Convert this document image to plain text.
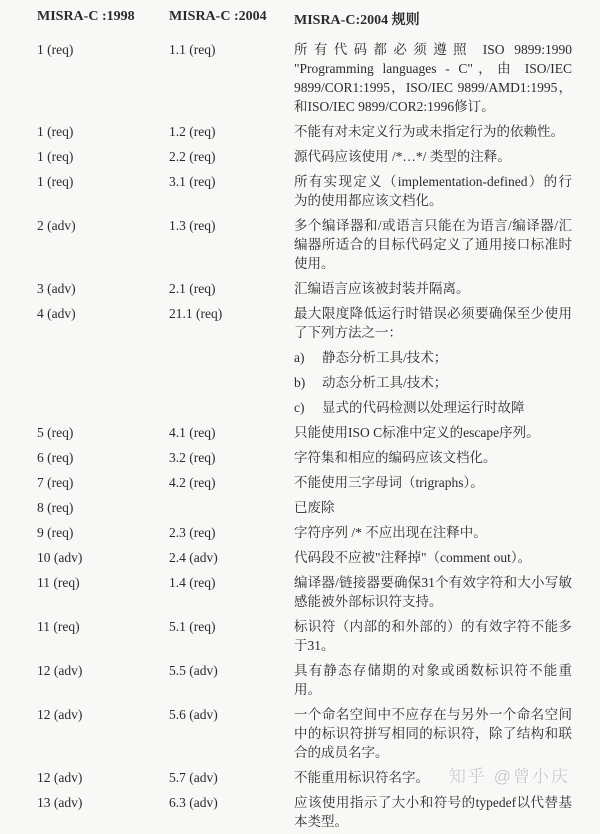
MISRA-C :1998	MISRA-C :2004	MISRA-C:2004 规则
1 (req)	1.1 (req)	所有代码都必须遵照 ISO 9899:1990 "Programming languages - C"，由 ISO/IEC 9899/COR1:1995，ISO/IEC 9899/AMD1:1995，和ISO/IEC 9899/COR2:1996修订。

1 (req)	1.2 (req)	不能有对未定义行为或未指定行为的依赖性。

1 (req)	2.2 (req)	源代码应该使用 /*…*/ 类型的注释。

1 (req)	3.1 (req)	所有实现定义（implementation-defined）的行为的使用都应该文档化。

2 (adv)	1.3 (req)	多个编译器和/或语言只能在为语言/编译器/汇编器所适合的目标代码定义了通用接口标准时使用。

3 (adv)	2.1 (req)	汇编语言应该被封装并隔离。

4 (adv)	21.1 (req)	最大限度降低运行时错误必须要确保至少使用了下列方法之一：
a)	静态分析工具/技术；
b)	动态分析工具/技术；
c)	显式的代码检测以处理运行时故障

5 (req)	4.1 (req)	只能使用ISO C标准中定义的escape序列。

6 (req)	3.2 (req)	字符集和相应的编码应该文档化。

7 (req)	4.2 (req)	不能使用三字母词（trigraphs）。

8 (req)		已废除

9 (req)	2.3 (req)	字符序列 /* 不应出现在注释中。

10 (adv)	2.4 (adv)	代码段不应被"注释掉"（comment out）。

11 (req)	1.4 (req)	编译器/链接器要确保31个有效字符和大小写敏感能被外部标识符支持。

11 (req)	5.1 (req)	标识符（内部的和外部的）的有效字符不能多于31。

12 (adv)	5.5 (adv)	具有静态存储期的对象或函数标识符不能重用。

12 (adv)	5.6 (adv)	一个命名空间中不应存在与另外一个命名空间中的标识符拼写相同的标识符，除了结构和联合的成员名字。

12 (adv)	5.7 (adv)	不能重用标识符名字。

13 (adv)	6.3 (adv)	应该使用指示了大小和符号的typedef以代替基本类型。
知乎 @曾小庆
